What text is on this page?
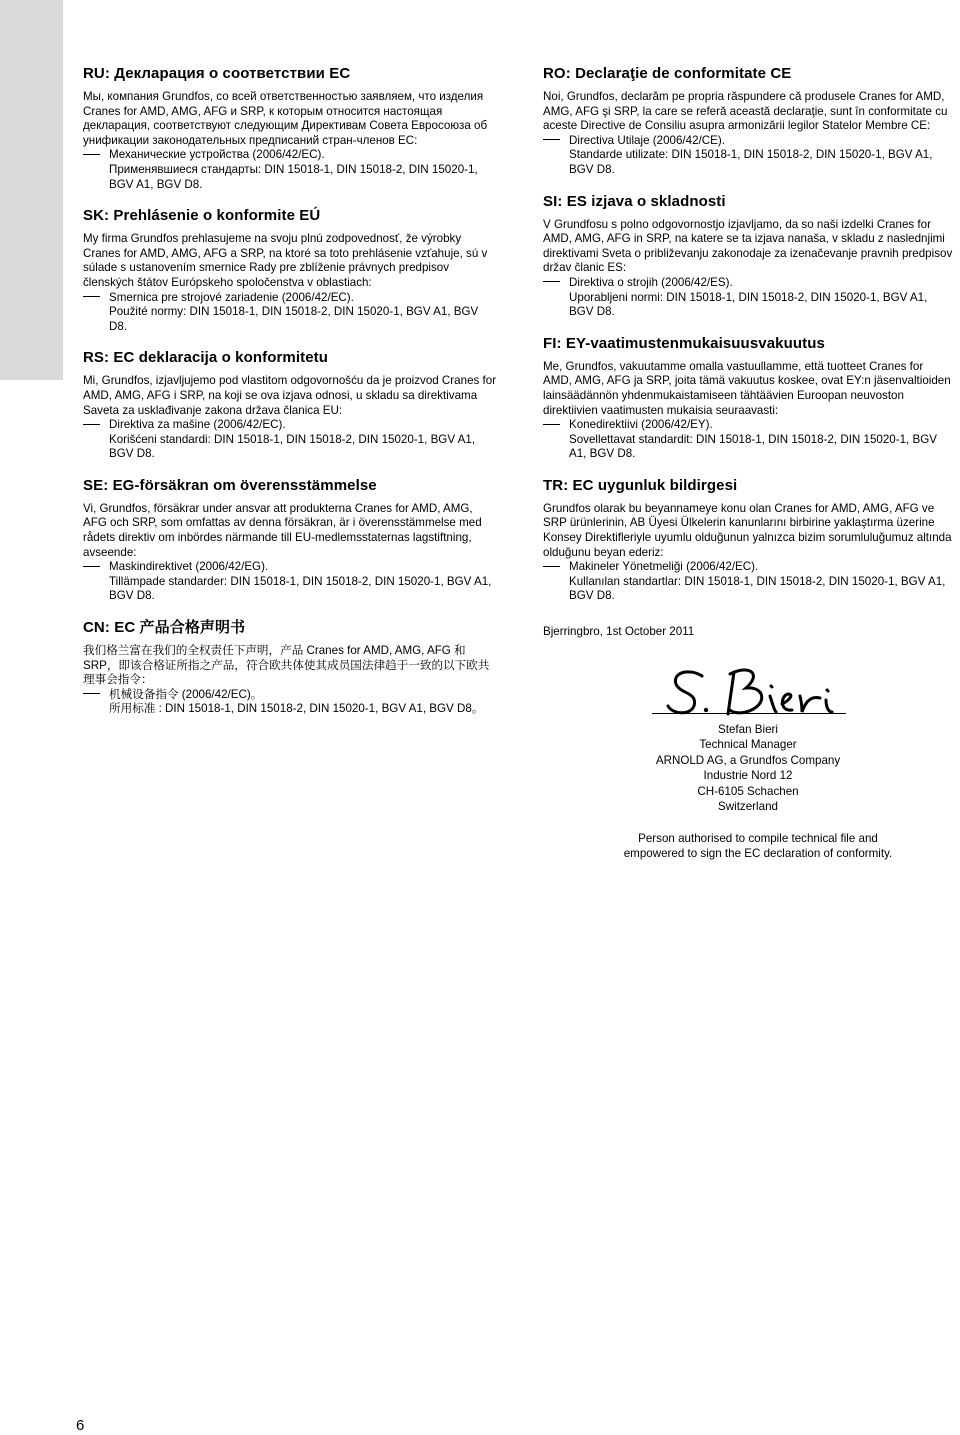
RU: Декларация о соответствии ЕС

Мы, компания Grundfos, со всей ответственностью заявляем, что изделия Cranes for AMD, AMG, AFG и SRP, к которым относится настоящая декларация, соответствуют следующим Директивам Совета Евросоюза об унификации законодательных предписаний стран-членов ЕС:

Механические устройства (2006/42/EC).
Применявшиеся стандарты: DIN 15018-1, DIN 15018-2, DIN 15020-1, BGV A1, BGV D8.
SK: Prehlásenie o konformite EÚ

My firma Grundfos prehlasujeme na svoju plnú zodpovednosť, že výrobky Cranes for AMD, AMG, AFG a SRP, na ktoré sa toto prehlásenie vzťahuje, sú v súlade s ustanovením smernice Rady pre zblíženie právnych predpisov členských štátov Európskeho spoločenstva v oblastiach:

Smernica pre strojové zariadenie (2006/42/EC).
Použité normy: DIN 15018-1, DIN 15018-2, DIN 15020-1, BGV A1, BGV D8.
RS: EC deklaracija o konformitetu

Mi, Grundfos, izjavljujemo pod vlastitom odgovornošću da je proizvod Cranes for AMD, AMG, AFG i SRP, na koji se ova izjava odnosi, u skladu sa direktivama Saveta za usklađivanje zakona država članica EU:

Direktiva za mašine (2006/42/EC).
Korišćeni standardi: DIN 15018-1, DIN 15018-2, DIN 15020-1, BGV A1, BGV D8.
SE: EG-försäkran om överensstämmelse

Vi, Grundfos, försäkrar under ansvar att produkterna Cranes for AMD, AMG, AFG och SRP, som omfattas av denna försäkran, är i överensstämmelse med rådets direktiv om inbördes närmande till EU-medlemsstaternas lagstiftning, avseende:

Maskindirektivet (2006/42/EG).
Tillämpade standarder: DIN 15018-1, DIN 15018-2, DIN 15020-1, BGV A1, BGV D8.
CN: EC 产品合格声明书

我们格兰富在我们的全权责任下声明，产品 Cranes for AMD, AMG, AFG 和 SRP，即该合格证所指之产品，符合欧共体使其成员国法律趋于一致的以下欧共理事会指令：

机械设备指令 (2006/42/EC)。
所用标准 : DIN 15018-1, DIN 15018-2, DIN 15020-1, BGV A1, BGV D8。
RO: Declaraţie de conformitate CE

Noi, Grundfos, declarăm pe propria răspundere că produsele Cranes for AMD, AMG, AFG şi SRP, la care se referă această declaraţie, sunt în conformitate cu aceste Directive de Consiliu asupra armonizării legilor Statelor Membre CE:

Directiva Utilaje (2006/42/CE).
Standarde utilizate: DIN 15018-1, DIN 15018-2, DIN 15020-1, BGV A1, BGV D8.
SI: ES izjava o skladnosti

V Grundfosu s polno odgovornostjo izjavljamo, da so naši izdelki Cranes for AMD, AMG, AFG in SRP, na katere se ta izjava nanaša, v skladu z naslednjimi direktivami Sveta o približevanju zakonodaje za izenačevanje pravnih predpisov držav članic ES:

Direktiva o strojih (2006/42/ES).
Uporabljeni normi: DIN 15018-1, DIN 15018-2, DIN 15020-1, BGV A1, BGV D8.
FI: EY-vaatimustenmukaisuusvakuutus

Me, Grundfos, vakuutamme omalla vastuullamme, että tuotteet Cranes for AMD, AMG, AFG ja SRP, joita tämä vakuutus koskee, ovat EY:n jäsenvaltioiden lainsäädännön yhdenmukaistamiseen tähtäävien Euroopan neuvoston direktiivien vaatimusten mukaisia seuraavasti:

Konedirektiivi (2006/42/EY).
Sovellettavat standardit: DIN 15018-1, DIN 15018-2, DIN 15020-1, BGV A1, BGV D8.
TR: EC uygunluk bildirgesi

Grundfos olarak bu beyannameye konu olan Cranes for AMD, AMG, AFG ve SRP ürünlerinin, AB Üyesi Ülkelerin kanunlarını birbirine yaklaştırma üzerine Konsey Direktifleriyle uyumlu olduğunun yalnızca bizim sorumluluğumuz altında olduğunu beyan ederiz:

Makineler Yönetmeliği (2006/42/EC).
Kullanılan standartlar: DIN 15018-1, DIN 15018-2, DIN 15020-1, BGV A1, BGV D8.
Bjerringbro, 1st October 2011
Stefan Bieri
Technical Manager
ARNOLD AG, a Grundfos Company
Industrie Nord 12
CH-6105 Schachen
Switzerland
Person authorised to compile technical file and
empowered to sign the EC declaration of conformity.
6
